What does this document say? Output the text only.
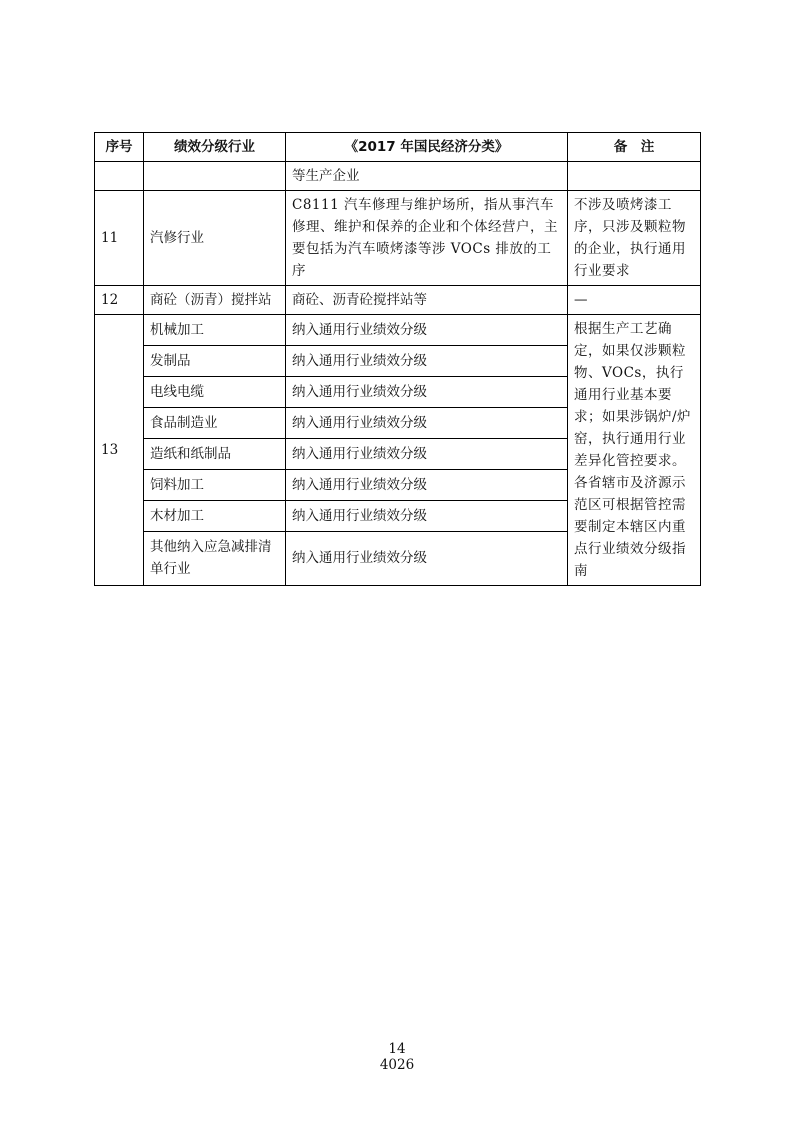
序号	绩效分级行业	《2017 年国民经济分类》	备　注
		等生产企业	
11	汽修行业	C8111 汽车修理与维护场所，指从事汽车修理、维护和保养的企业和个体经营户，主要包括为汽车喷烤漆等涉 VOCs 排放的工序	不涉及喷烤漆工序，只涉及颗粒物的企业，执行通用行业要求
12	商砼（沥青）搅拌站	商砼、沥青砼搅拌站等	—
13	机械加工	纳入通用行业绩效分级	根据生产工艺确定，如果仅涉颗粒物、VOCs，执行通用行业基本要求；如果涉锅炉/炉窑，执行通用行业差异化管控要求。各省辖市及济源示范区可根据管控需要制定本辖区内重点行业绩效分级指南
	发制品	纳入通用行业绩效分级	
	电线电缆	纳入通用行业绩效分级	
	食品制造业	纳入通用行业绩效分级	
	造纸和纸制品	纳入通用行业绩效分级	
	饲料加工	纳入通用行业绩效分级	
	木材加工	纳入通用行业绩效分级	
	其他纳入应急减排清单行业	纳入通用行业绩效分级	
14
4026
